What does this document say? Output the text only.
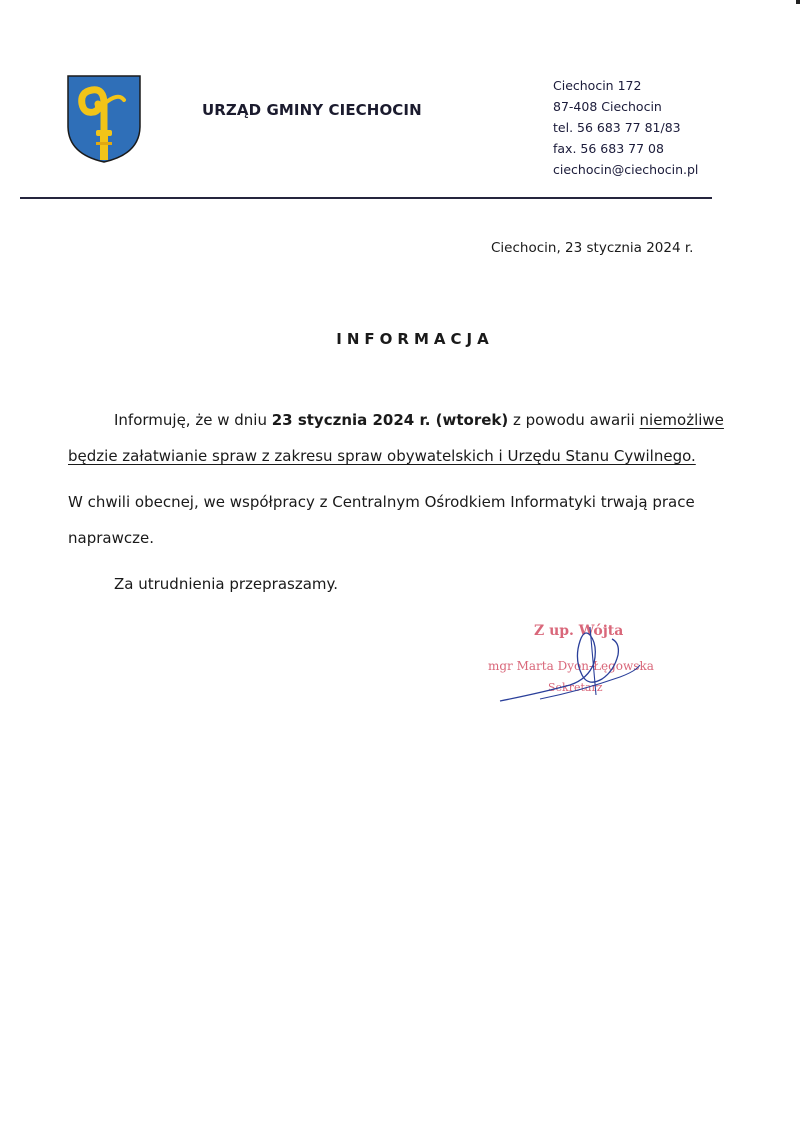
URZĄD GMINY CIECHOCIN
Ciechocin 172
87-408 Ciechocin
tel. 56 683 77 81/83
fax. 56 683 77 08
ciechocin@ciechocin.pl
Ciechocin, 23 stycznia 2024 r.
INFORMACJA

Informuję, że w dniu 23 stycznia 2024 r. (wtorek) z powodu awarii niemożliwe

będzie załatwianie spraw z zakresu spraw obywatelskich i Urzędu Stanu Cywilnego.

W chwili obecnej, we współpracy z Centralnym Ośrodkiem Informatyki trwają prace naprawcze.

Za utrudnienia przepraszamy.

Z up. Wójta
mgr Marta Dyon-Łęgowska
Sekretarz
